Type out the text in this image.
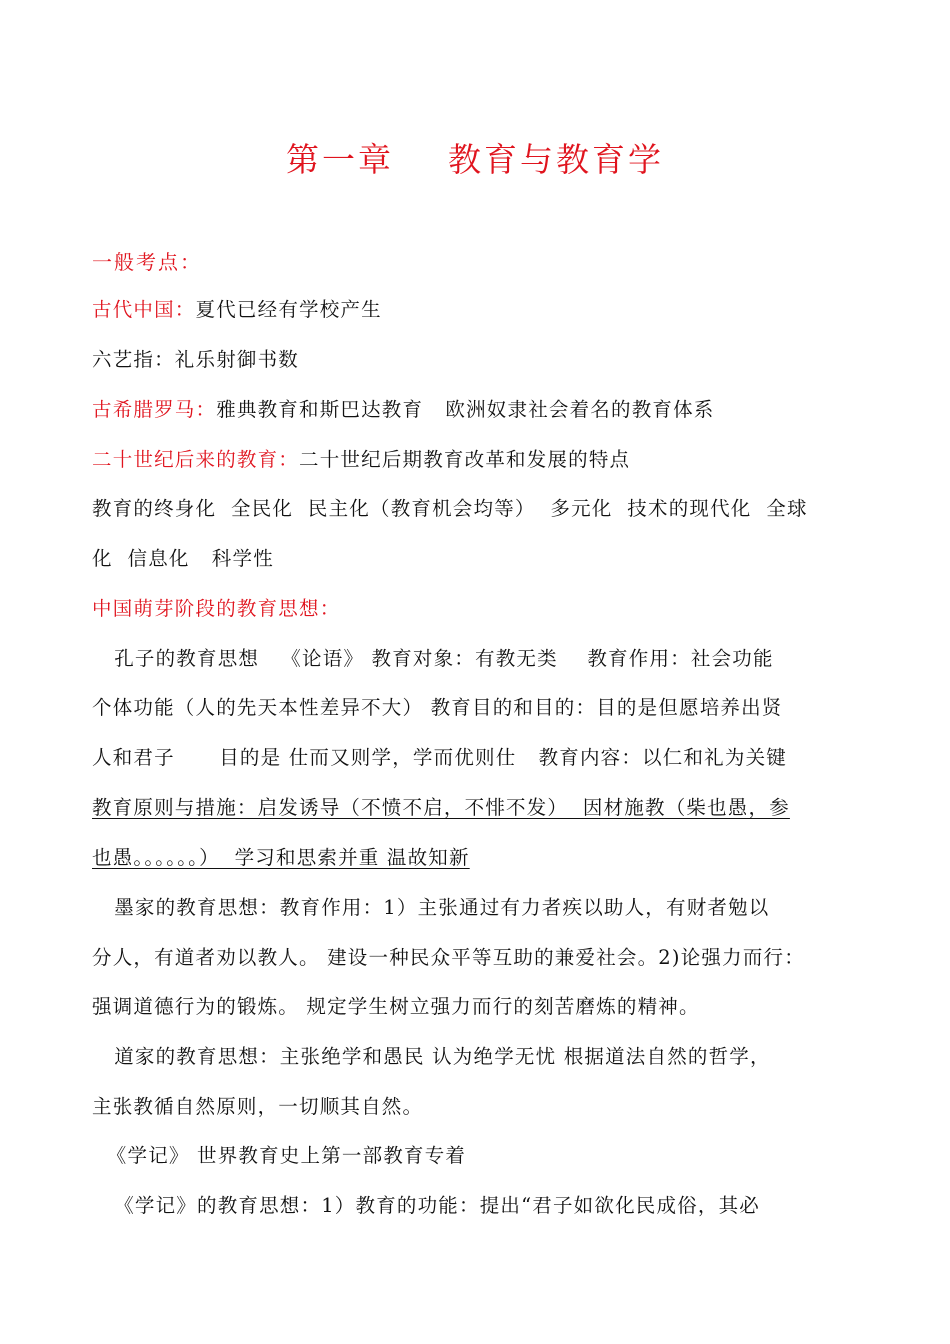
第一章    教育与教育学
一般考点：
古代中国：夏代已经有学校产生
六艺指：礼乐射御书数
古希腊罗马：雅典教育和斯巴达教育   欧洲奴隶社会着名的教育体系
二十世纪后来的教育：二十世纪后期教育改革和发展的特点
教育的终身化  全民化  民主化（教育机会均等）  多元化  技术的现代化  全球
化  信息化   科学性
中国萌芽阶段的教育思想：
孔子的教育思想   《论语》 教育对象：有教无类    教育作用：社会功能
个体功能（人的先天本性差异不大） 教育目的和目的：目的是但愿培养出贤
人和君子      目的是 仕而又则学，学而优则仕   教育内容：以仁和礼为关键
教育原则与措施：启发诱导（不愤不启，不悱不发）  因材施教（柴也愚，参
也愚。。。。。。）  学习和思索并重 温故知新
墨家的教育思想：教育作用：1）主张通过有力者疾以助人，有财者勉以
分人，有道者劝以教人。 建设一种民众平等互助的兼爱社会。2)论强力而行：
强调道德行为的锻炼。 规定学生树立强力而行的刻苦磨炼的精神。
道家的教育思想：主张绝学和愚民 认为绝学无忧 根据道法自然的哲学，
主张教循自然原则，一切顺其自然。
《学记》 世界教育史上第一部教育专着
《学记》的教育思想：1）教育的功能：提出“君子如欲化民成俗，其必
